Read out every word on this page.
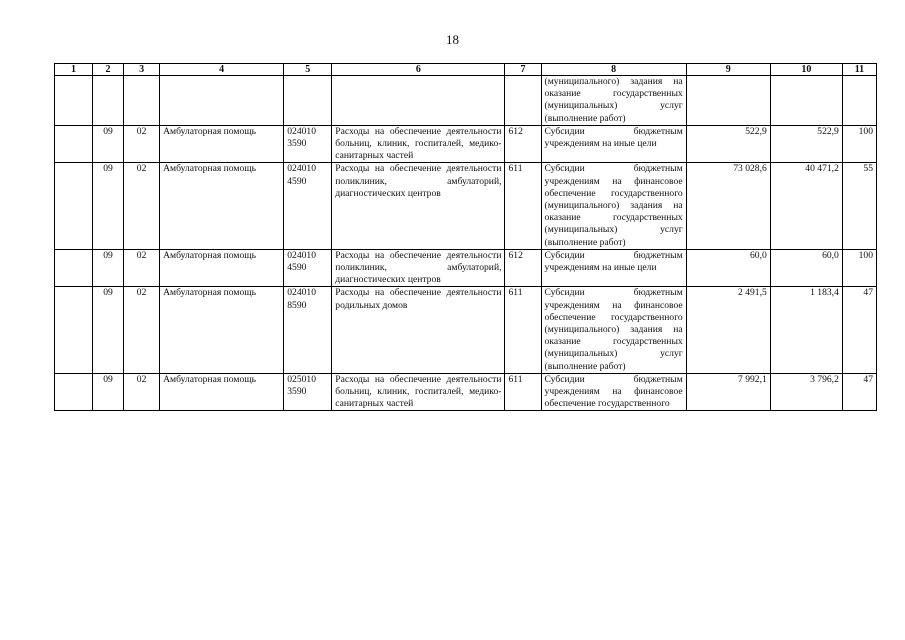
18
1	2	3	4	5	6	7	8	9	10	11
							(муниципального) задания на оказание государственных (муниципальных) услуг (выполнение работ)			
	09	02	Амбулаторная помощь	024010 3590	Расходы на обеспечение деятельности больниц, клиник, госпиталей, медико-санитарных частей	612	Субсидии бюджетным учреждениям на иные цели	522,9	522,9	100
	09	02	Амбулаторная помощь	024010 4590	Расходы на обеспечение деятельности поликлиник, амбулаторий, диагностических центров	611	Субсидии бюджетным учреждениям на финансовое обеспечение государственного (муниципального) задания на оказание государственных (муниципальных) услуг (выполнение работ)	73 028,6	40 471,2	55
	09	02	Амбулаторная помощь	024010 4590	Расходы на обеспечение деятельности поликлиник, амбулаторий, диагностических центров	612	Субсидии бюджетным учреждениям на иные цели	60,0	60,0	100
	09	02	Амбулаторная помощь	024010 8590	Расходы на обеспечение деятельности родильных домов	611	Субсидии бюджетным учреждениям на финансовое обеспечение государственного (муниципального) задания на оказание государственных (муниципальных) услуг (выполнение работ)	2 491,5	1 183,4	47
	09	02	Амбулаторная помощь	025010 3590	Расходы на обеспечение деятельности больниц, клиник, госпиталей, медико-санитарных частей	611	Субсидии бюджетным учреждениям на финансовое обеспечение государственного	7 992,1	3 796,2	47
